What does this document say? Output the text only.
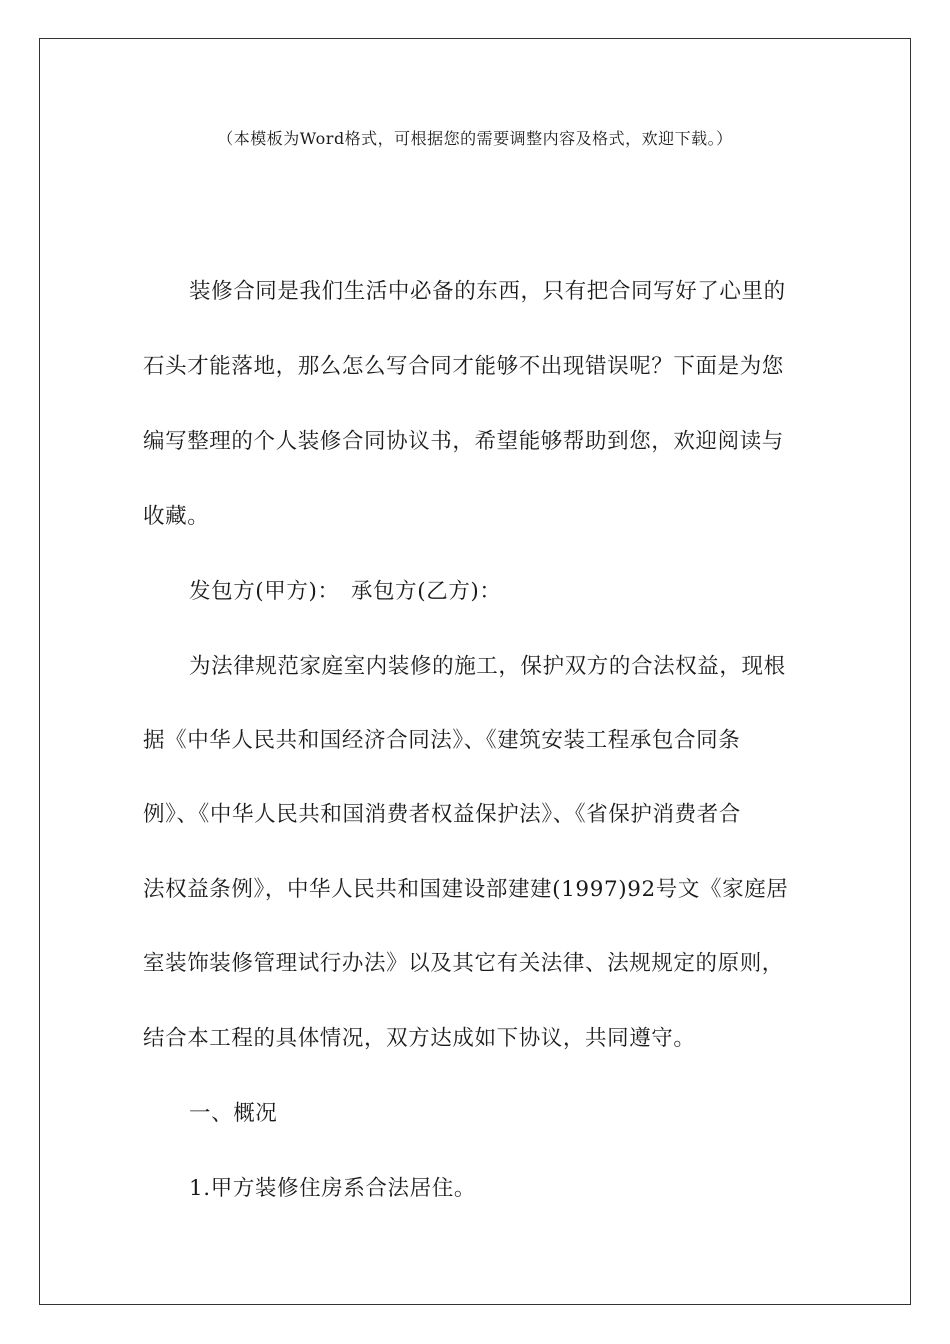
（本模板为Word格式，可根据您的需要调整内容及格式，欢迎下载。）
装修合同是我们生活中必备的东西，只有把合同写好了心里的
石头才能落地，那么怎么写合同才能够不出现错误呢？下面是为您
编写整理的个人装修合同协议书，希望能够帮助到您，欢迎阅读与
收藏。
发包方(甲方)：　承包方(乙方)：
为法律规范家庭室内装修的施工，保护双方的合法权益，现根
据《中华人民共和国经济合同法》、《建筑安装工程承包合同条
例》、《中华人民共和国消费者权益保护法》、《省保护消费者合
法权益条例》，中华人民共和国建设部建建(1997)92号文《家庭居
室装饰装修管理试行办法》以及其它有关法律、法规规定的原则，
结合本工程的具体情况，双方达成如下协议，共同遵守。
一、概况
1.甲方装修住房系合法居住。
